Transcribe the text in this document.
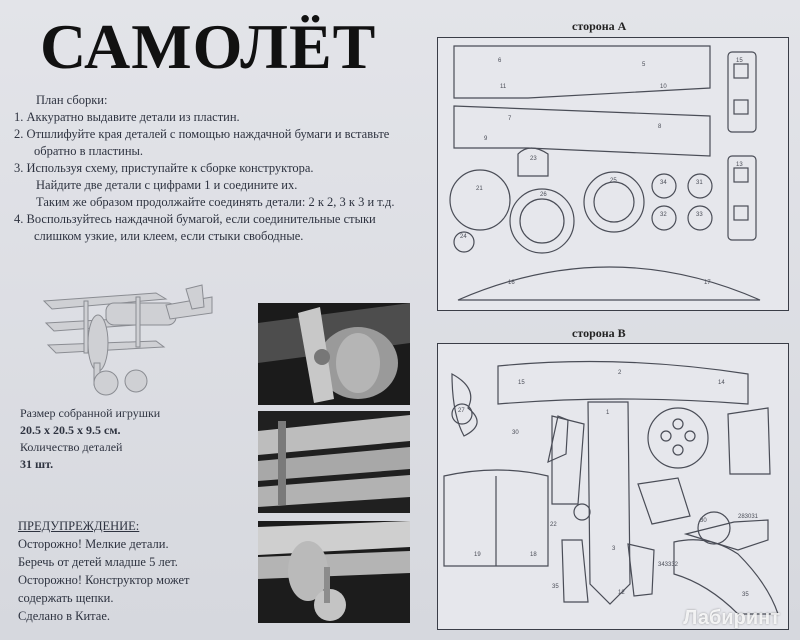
САМОЛЁТ
План сборки:
1. Аккуратно выдавите детали из пластин.
2. Отшлифуйте края деталей с помощью наждачной бумаги и вставьте
обратно в пластины.
3. Используя схему, приступайте к сборке конструктора.
Найдите две детали с цифрами 1 и соедините их.
Таким же образом продолжайте соединять детали: 2 к 2, 3 к 3 и т.д.
4. Воспользуйтесь наждачной бумагой, если соединительные стыки
слишком узкие, или клеем, если стыки свободные.
Размер собранной игрушки
20.5 x 20.5 x 9.5 см.
Количество деталей
31 шт.
ПРЕДУПРЕЖДЕНИЕ:
Осторожно! Мелкие детали.
Беречь от детей младше 5 лет.
Осторожно! Конструктор может
содержать щепки.
Сделано в Китае.
сторона А
6
5
11	10
7
8
9
23
21
26
25	34	31
32	33
24
16	17
15
13
сторона В
2
15	14
27	1
30
19	18
22
35
3
12
343332
30
283031
35
Лабиринт
